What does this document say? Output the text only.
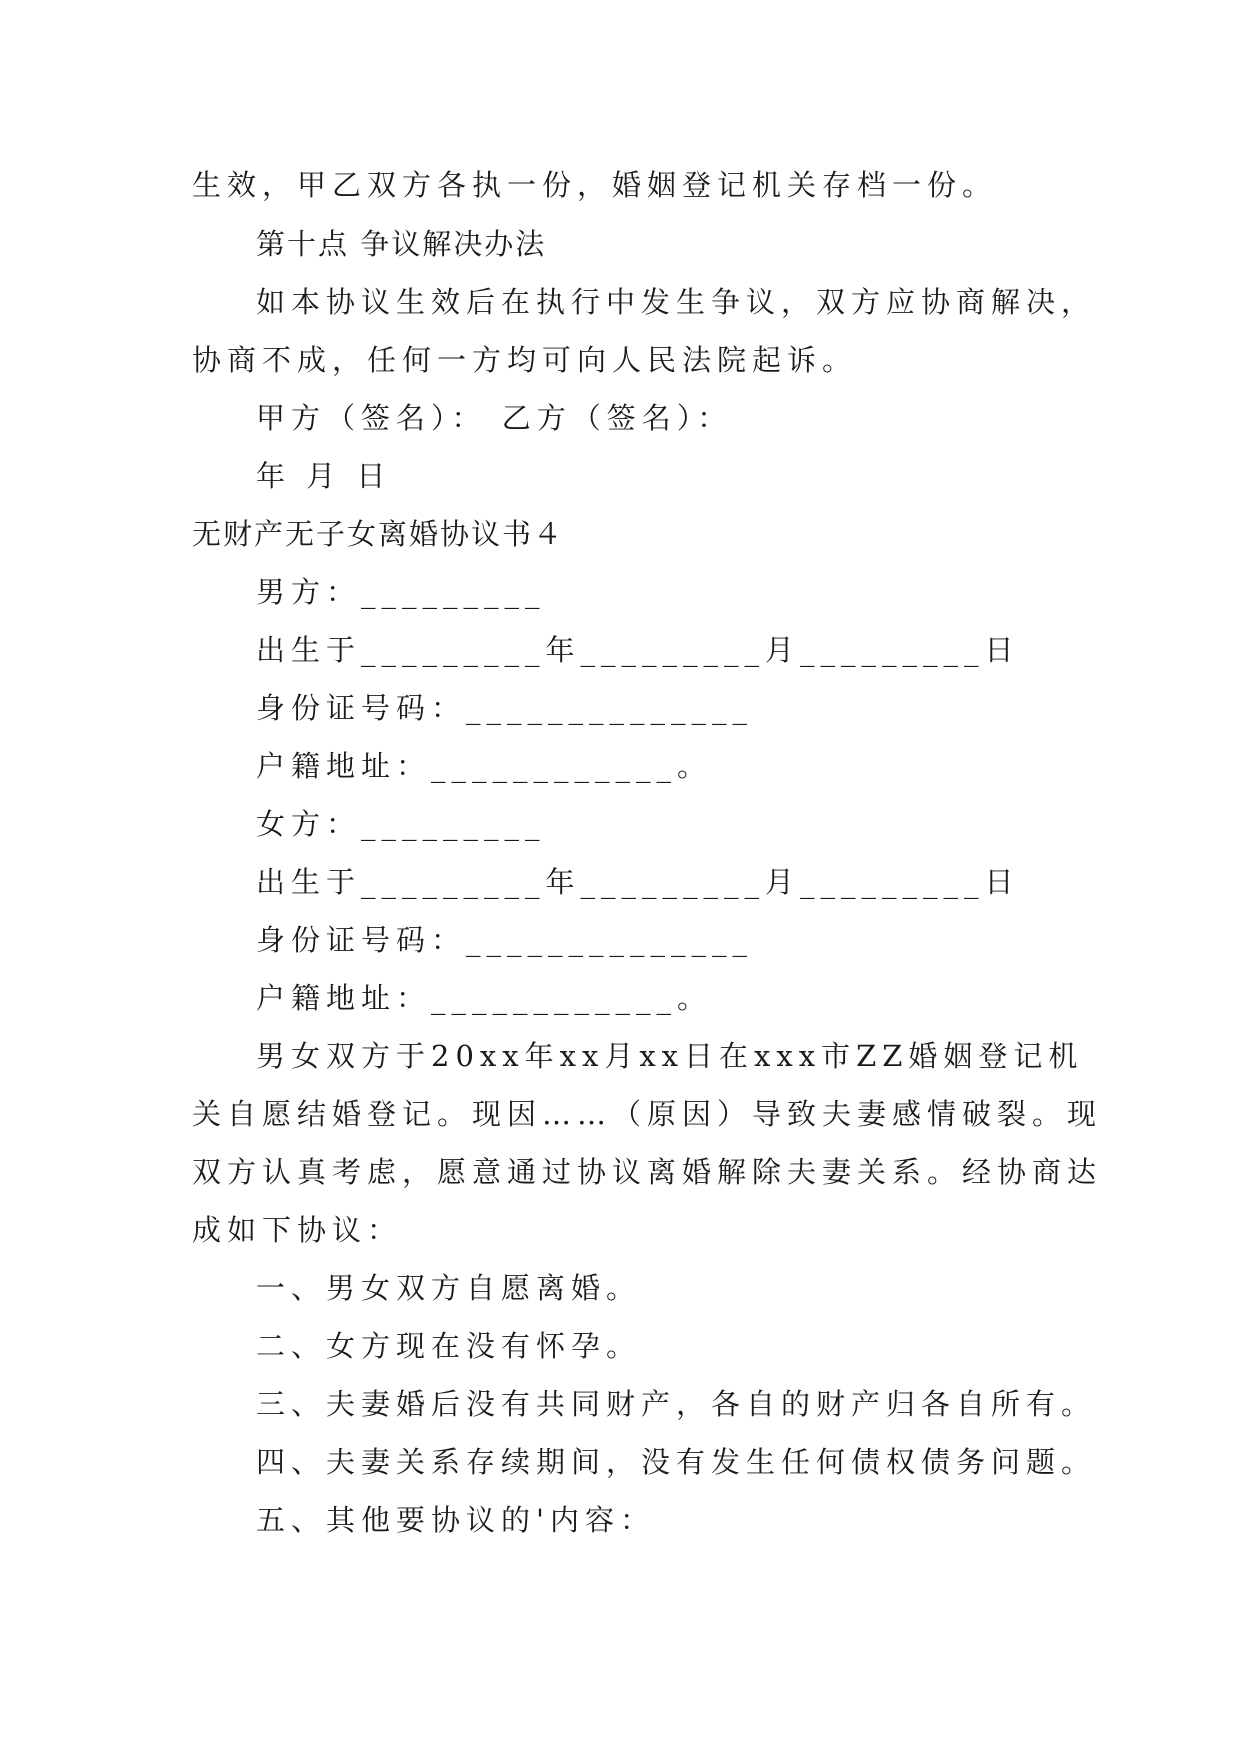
生效，甲乙双方各执一份，婚姻登记机关存档一份。
第十点 争议解决办法
如本协议生效后在执行中发生争议，双方应协商解决，
协商不成，任何一方均可向人民法院起诉。
甲方（签名）： 乙方（签名）：
年 月 日
无财产无子女离婚协议书４
男方：_________
出生于_________年_________月_________日
身份证号码：______________
户籍地址：____________。
女方：_________
出生于_________年_________月_________日
身份证号码：______________
户籍地址：____________。
男女双方于20xx年xx月xx日在xxx市ZZ婚姻登记机
关自愿结婚登记。现因……（原因）导致夫妻感情破裂。现
双方认真考虑，愿意通过协议离婚解除夫妻关系。经协商达
成如下协议：
一、男女双方自愿离婚。
二、女方现在没有怀孕。
三、夫妻婚后没有共同财产，各自的财产归各自所有。
四、夫妻关系存续期间，没有发生任何债权债务问题。
五、其他要协议的'内容：
